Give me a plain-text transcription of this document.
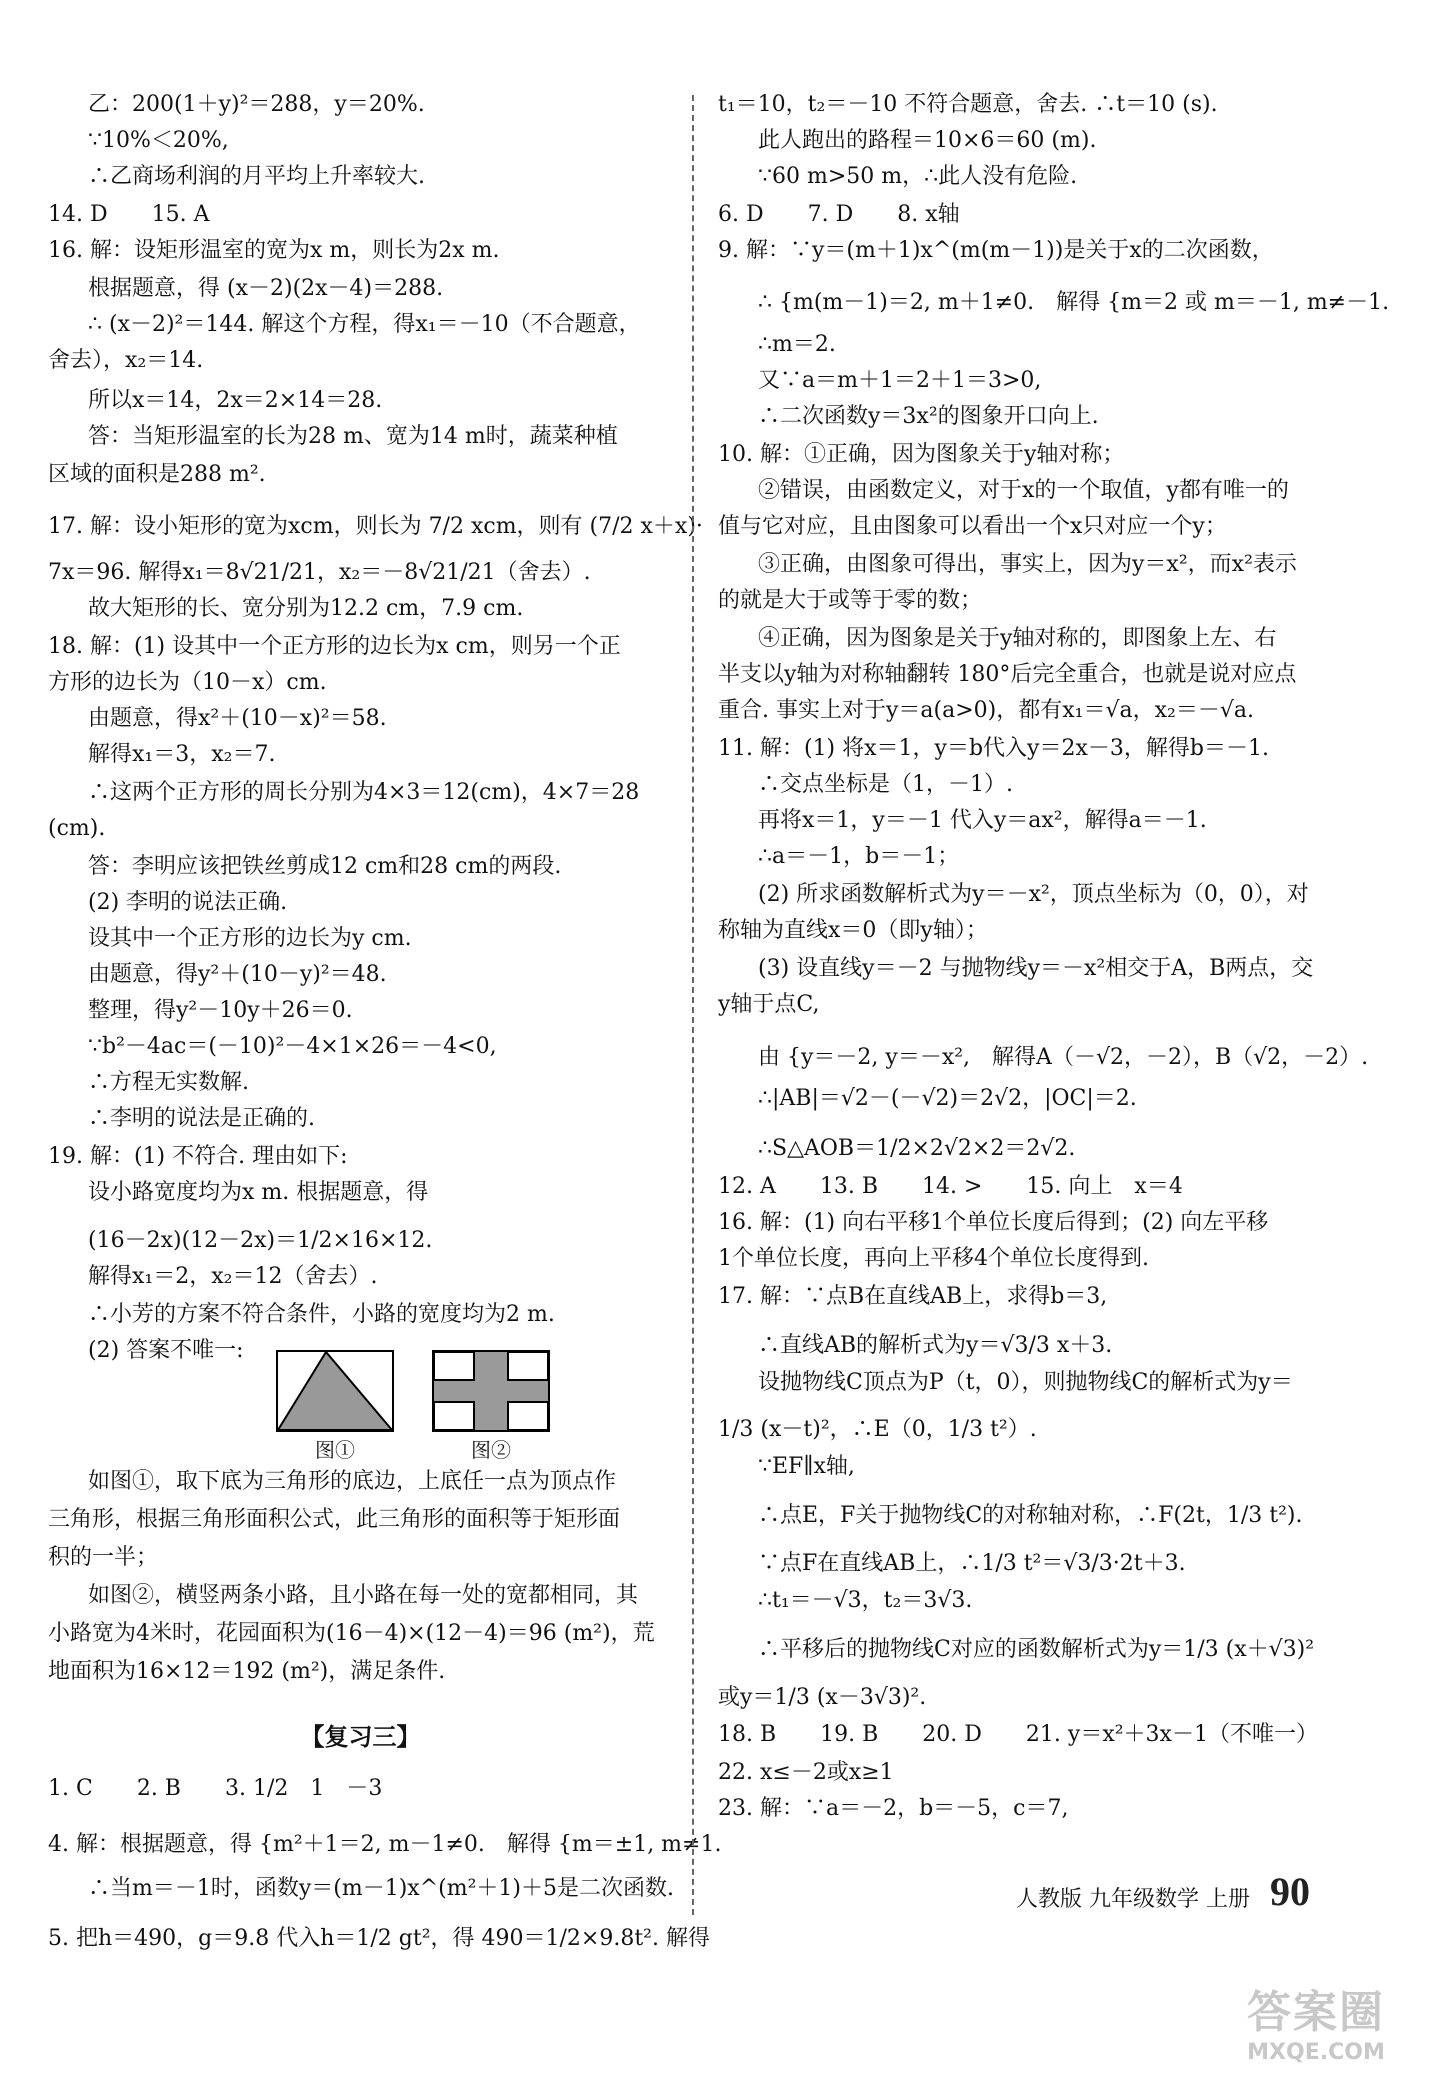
乙：200(1＋y)²＝288，y＝20%.
∵10%＜20%,
∴乙商场利润的月平均上升率较大.
14. D　　15. A
16. 解：设矩形温室的宽为x m，则长为2x m.
根据题意，得 (x－2)(2x－4)＝288.
∴ (x－2)²＝144. 解这个方程，得x₁＝－10（不合题意，
舍去），x₂＝14.
所以x＝14，2x＝2×14＝28.
答：当矩形温室的长为28 m、宽为14 m时，蔬菜种植
区域的面积是288 m².
17. 解：设小矩形的宽为xcm，则长为 7/2 xcm，则有 (7/2 x＋x)·
7x＝96. 解得x₁＝8√21/21，x₂＝－8√21/21（舍去）.
故大矩形的长、宽分别为12.2 cm，7.9 cm.
18. 解：(1) 设其中一个正方形的边长为x cm，则另一个正
方形的边长为（10－x）cm.
由题意，得x²＋(10－x)²＝58.
解得x₁＝3，x₂＝7.
∴这两个正方形的周长分别为4×3＝12(cm)，4×7＝28
(cm).
答：李明应该把铁丝剪成12 cm和28 cm的两段.
(2) 李明的说法正确.
设其中一个正方形的边长为y cm.
由题意，得y²＋(10－y)²＝48.
整理，得y²－10y＋26＝0.
∵b²－4ac＝(－10)²－4×1×26＝－4<0,
∴方程无实数解.
∴李明的说法是正确的.
19. 解：(1) 不符合. 理由如下:
设小路宽度均为x m. 根据题意，得
(16－2x)(12－2x)＝1/2×16×12.
解得x₁＝2，x₂＝12（舍去）.
∴小芳的方案不符合条件，小路的宽度均为2 m.
(2) 答案不唯一:
图①	图②
如图①，取下底为三角形的底边，上底任一点为顶点作
三角形，根据三角形面积公式，此三角形的面积等于矩形面
积的一半；
如图②，横竖两条小路，且小路在每一处的宽都相同，其
小路宽为4米时，花园面积为(16－4)×(12－4)＝96 (m²)，荒
地面积为16×12＝192 (m²)，满足条件.
【复习三】
1. C　　2. B　　3. 1/2　1　－3
4. 解：根据题意，得 {m²＋1＝2, m－1≠0.　解得 {m＝±1, m≠1.
∴当m＝－1时，函数y＝(m－1)x^(m²＋1)＋5是二次函数.
5. 把h＝490，g＝9.8 代入h＝1/2 gt²，得 490＝1/2×9.8t². 解得
t₁＝10，t₂＝－10 不符合题意，舍去. ∴t＝10 (s).
此人跑出的路程＝10×6＝60 (m).
∵60 m>50 m，∴此人没有危险.
6. D　　7. D　　8. x轴
9. 解：∵y＝(m＋1)x^(m(m－1))是关于x的二次函数，
∴ {m(m－1)＝2, m＋1≠0.　解得 {m＝2 或 m＝－1, m≠－1.
∴m＝2.
又∵a＝m＋1＝2＋1＝3>0,
∴二次函数y＝3x²的图象开口向上.
10. 解：①正确，因为图象关于y轴对称；
②错误，由函数定义，对于x的一个取值，y都有唯一的
值与它对应，且由图象可以看出一个x只对应一个y；
③正确，由图象可得出，事实上，因为y＝x²，而x²表示
的就是大于或等于零的数；
④正确，因为图象是关于y轴对称的，即图象上左、右
半支以y轴为对称轴翻转 180°后完全重合，也就是说对应点
重合. 事实上对于y＝a(a>0)，都有x₁＝√a，x₂＝－√a.
11. 解：(1) 将x＝1，y＝b代入y＝2x－3，解得b＝－1.
∴交点坐标是（1，－1）.
再将x＝1，y＝－1 代入y＝ax²，解得a＝－1.
∴a＝－1，b＝－1；
(2) 所求函数解析式为y＝－x²，顶点坐标为（0，0），对
称轴为直线x＝0（即y轴）；
(3) 设直线y＝－2 与抛物线y＝－x²相交于A，B两点，交
y轴于点C,
由 {y＝－2, y＝－x²,　解得A（－√2，－2），B（√2，－2）.
∴|AB|＝√2－(－√2)＝2√2，|OC|＝2.
∴S△AOB＝1/2×2√2×2＝2√2.
12. A　　13. B　　14. >　　15. 向上　x＝4
16. 解：(1) 向右平移1个单位长度后得到；(2) 向左平移
1个单位长度，再向上平移4个单位长度得到.
17. 解：∵点B在直线AB上，求得b＝3,
∴直线AB的解析式为y＝√3/3 x＋3.
设抛物线C顶点为P（t，0），则抛物线C的解析式为y＝
1/3 (x－t)²，∴E（0，1/3 t²）.
∵EF∥x轴,
∴点E，F关于抛物线C的对称轴对称，∴F(2t，1/3 t²).
∵点F在直线AB上，∴1/3 t²＝√3/3·2t＋3.
∴t₁＝－√3，t₂＝3√3.
∴平移后的抛物线C对应的函数解析式为y＝1/3 (x＋√3)²
或y＝1/3 (x－3√3)².
18. B　　19. B　　20. D　　21. y＝x²＋3x－1（不唯一）
22. x≤－2或x≥1
23. 解：∵a＝－2，b＝－5，c＝7,
人教版 九年级数学 上册 90
答案圈
MXQE.COM
